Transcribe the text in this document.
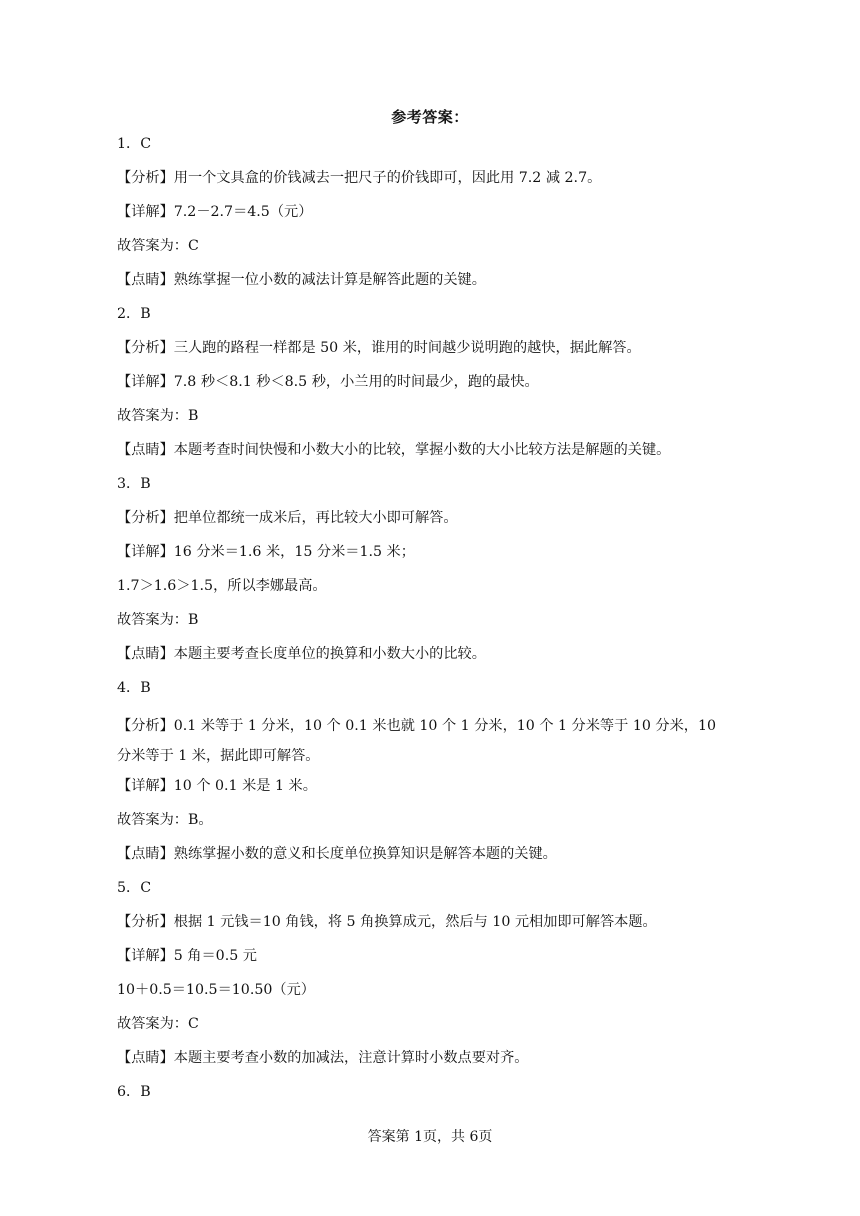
参考答案：
1．C
【分析】用一个文具盒的价钱减去一把尺子的价钱即可，因此用 7.2 减 2.7。
【详解】7.2－2.7＝4.5（元）
故答案为：C
【点睛】熟练掌握一位小数的减法计算是解答此题的关键。
2．B
【分析】三人跑的路程一样都是 50 米，谁用的时间越少说明跑的越快，据此解答。
【详解】7.8 秒＜8.1 秒＜8.5 秒，小兰用的时间最少，跑的最快。
故答案为：B
【点睛】本题考查时间快慢和小数大小的比较，掌握小数的大小比较方法是解题的关键。
3．B
【分析】把单位都统一成米后，再比较大小即可解答。
【详解】16 分米＝1.6 米，15 分米＝1.5 米；
1.7＞1.6＞1.5，所以李娜最高。
故答案为：B
【点睛】本题主要考查长度单位的换算和小数大小的比较。
4．B
【分析】0.1 米等于 1 分米，10 个 0.1 米也就 10 个 1 分米，10 个 1 分米等于 10 分米，10 分米等于 1 米，据此即可解答。
【详解】10 个 0.1 米是 1 米。
故答案为：B。
【点睛】熟练掌握小数的意义和长度单位换算知识是解答本题的关键。
5．C
【分析】根据 1 元钱＝10 角钱，将 5 角换算成元，然后与 10 元相加即可解答本题。
【详解】5 角＝0.5 元
10＋0.5＝10.5＝10.50（元）
故答案为：C
【点睛】本题主要考查小数的加减法，注意计算时小数点要对齐。
6．B
答案第 1页，共 6页
